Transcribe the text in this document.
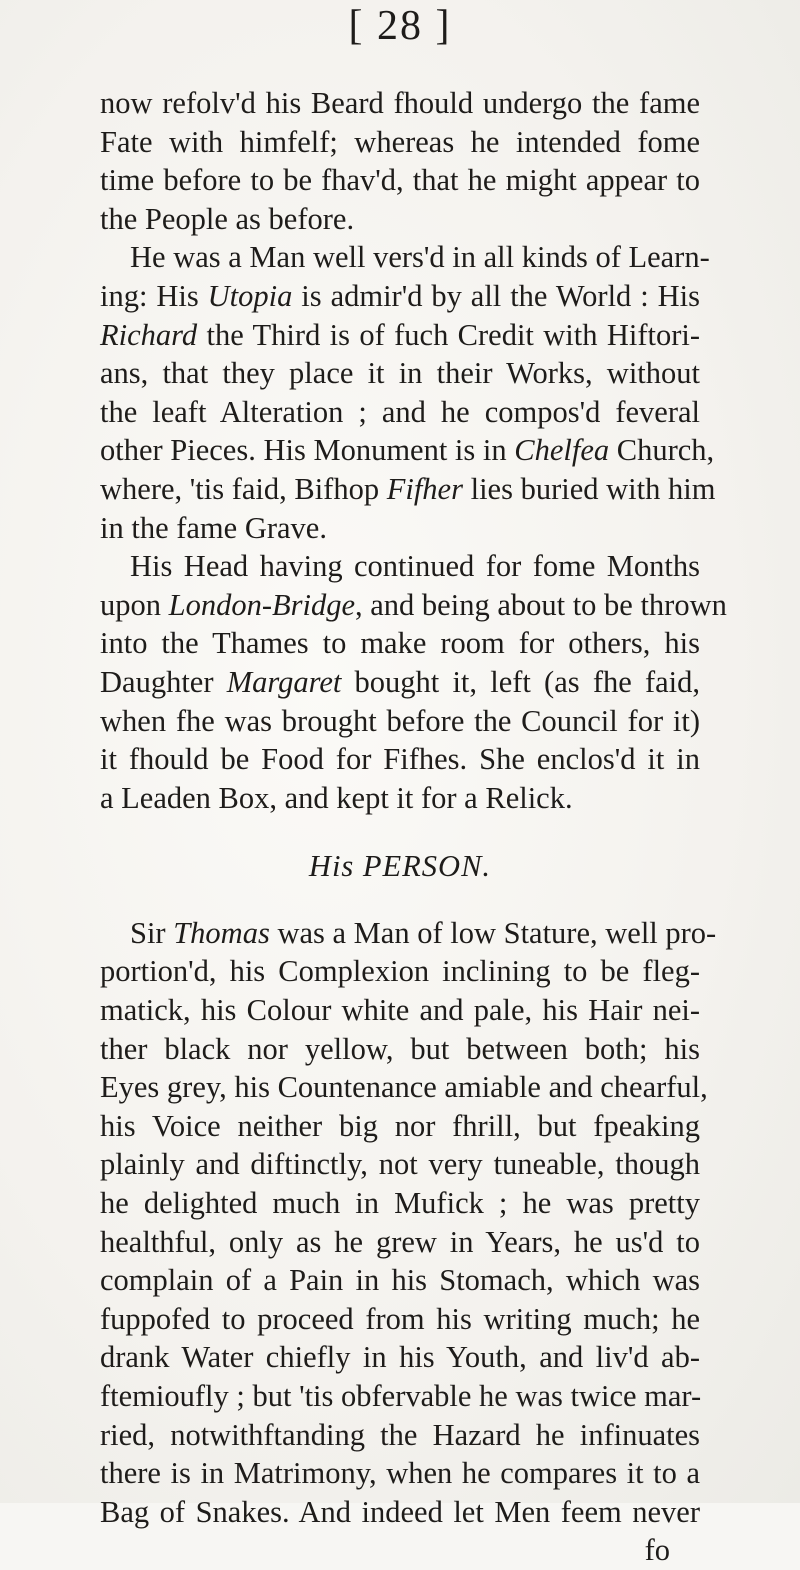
[ 28 ]
now refolv'd his Beard fhould undergo the fame
Fate with himfelf; whereas he intended fome
time before to be fhav'd, that he might appear to
the People as before.
He was a Man well vers'd in all kinds of Learn-
ing: His Utopia is admir'd by all the World : His
Richard the Third is of fuch Credit with Hiftori-
ans, that they place it in their Works, without
the leaft Alteration ; and he compos'd feveral
other Pieces. His Monument is in Chelfea Church,
where, 'tis faid, Bifhop Fifher lies buried with him
in the fame Grave.
His Head having continued for fome Months
upon London-Bridge, and being about to be thrown
into the Thames to make room for others, his
Daughter Margaret bought it, left (as fhe faid,
when fhe was brought before the Council for it)
it fhould be Food for Fifhes. She enclos'd it in
a Leaden Box, and kept it for a Relick.
His PERSON.
Sir Thomas was a Man of low Stature, well pro-
portion'd, his Complexion inclining to be fleg-
matick, his Colour white and pale, his Hair nei-
ther black nor yellow, but between both; his
Eyes grey, his Countenance amiable and chearful,
his Voice neither big nor fhrill, but fpeaking
plainly and diftinctly, not very tuneable, though
he delighted much in Mufick ; he was pretty
healthful, only as he grew in Years, he us'd to
complain of a Pain in his Stomach, which was
fuppofed to proceed from his writing much; he
drank Water chiefly in his Youth, and liv'd ab-
ftemioufly ; but 'tis obfervable he was twice mar-
ried, notwithftanding the Hazard he infinuates
there is in Matrimony, when he compares it to a
Bag of Snakes. And indeed let Men feem never
fo
